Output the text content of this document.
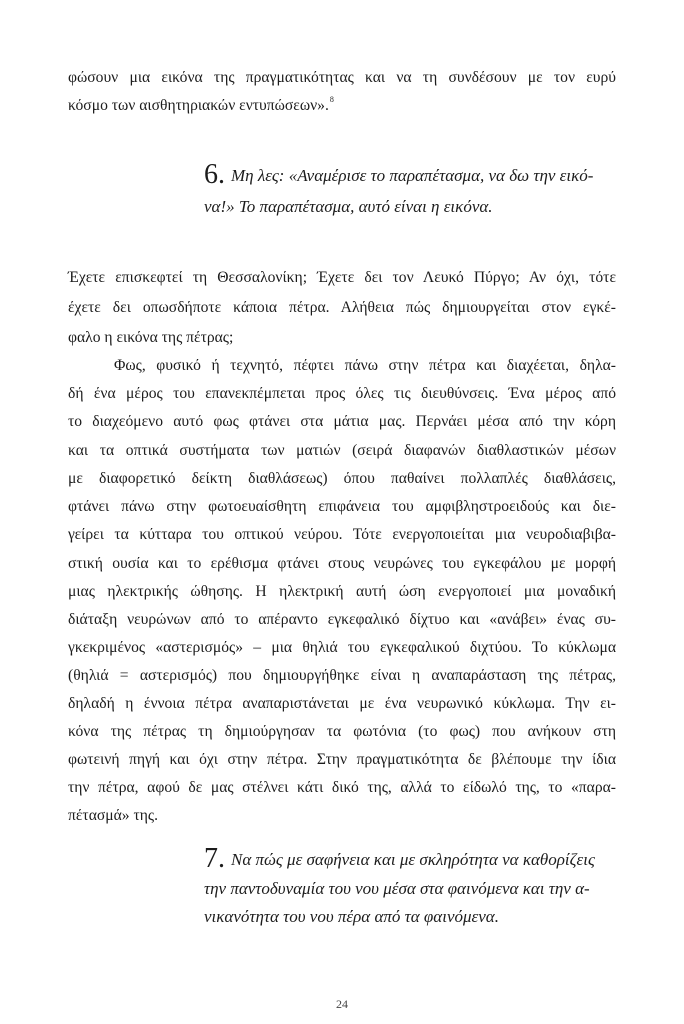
φώσουν μια εικόνα της πραγματικότητας και να τη συνδέσουν με τον ευρύ
κόσμο των αισθητηριακών εντυπώσεων».$^8$
6. Μη λες: «Αναμέρισε το παραπέτασμα, να δω την εικό-
να!» Το παραπέτασμα, αυτό είναι η εικόνα.
Έχετε επισκεφτεί τη Θεσσαλονίκη; Έχετε δει τον Λευκό Πύργο; Αν όχι, τότε
έχετε δει οπωσδήποτε κάποια πέτρα. Αλήθεια πώς δημιουργείται στον εγκέ-
φαλο η εικόνα της πέτρας;
Φως, φυσικό ή τεχνητό, πέφτει πάνω στην πέτρα και διαχέεται, δηλα-
δή ένα μέρος του επανεκπέμπεται προς όλες τις διευθύνσεις. Ένα μέρος από
το διαχεόμενο αυτό φως φτάνει στα μάτια μας. Περνάει μέσα από την κόρη
και τα οπτικά συστήματα των ματιών (σειρά διαφανών διαθλαστικών μέσων
με διαφορετικό δείκτη διαθλάσεως) όπου παθαίνει πολλαπλές διαθλάσεις,
φτάνει πάνω στην φωτοευαίσθητη επιφάνεια του αμφιβληστροειδούς και διε-
γείρει τα κύτταρα του οπτικού νεύρου. Τότε ενεργοποιείται μια νευροδιαβιβα-
στική ουσία και το ερέθισμα φτάνει στους νευρώνες του εγκεφάλου με μορφή
μιας ηλεκτρικής ώθησης. Η ηλεκτρική αυτή ώση ενεργοποιεί μια μοναδική
διάταξη νευρώνων από το απέραντο εγκεφαλικό δίχτυο και «ανάβει» ένας συ-
γκεκριμένος «αστερισμός» – μια θηλιά του εγκεφαλικού διχτύου. Το κύκλωμα
(θηλιά = αστερισμός) που δημιουργήθηκε είναι η αναπαράσταση της πέτρας,
δηλαδή η έννοια πέτρα αναπαριστάνεται με ένα νευρωνικό κύκλωμα. Την ει-
κόνα της πέτρας τη δημιούργησαν τα φωτόνια (το φως) που ανήκουν στη
φωτεινή πηγή και όχι στην πέτρα. Στην πραγματικότητα δε βλέπουμε την ίδια
την πέτρα, αφού δε μας στέλνει κάτι δικό της, αλλά το είδωλό της, το «παρα-
πέτασμά» της.
7. Να πώς με σαφήνεια και με σκληρότητα να καθορίζεις
την παντοδυναμία του νου μέσα στα φαινόμενα και την α-
νικανότητα του νου πέρα από τα φαινόμενα.
24
